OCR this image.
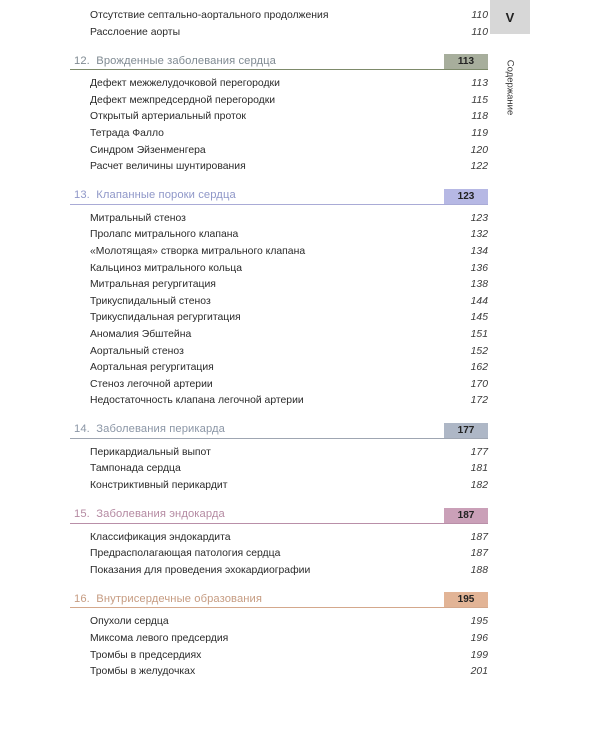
Отсутствие септально-аортального продолжения	110
Расслоение аорты	110
12. Врожденные заболевания сердца	113
Дефект межжелудочковой перегородки	113
Дефект межпредсердной перегородки	115
Открытый артериальный проток	118
Тетрада Фалло	119
Синдром Эйзенменгера	120
Расчет величины шунтирования	122
13. Клапанные пороки сердца	123
Митральный стеноз	123
Пролапс митрального клапана	132
«Молотящая» створка митрального клапана	134
Кальциноз митрального кольца	136
Митральная регургитация	138
Трикуспидальный стеноз	144
Трикуспидальная регургитация	145
Аномалия Эбштейна	151
Аортальный стеноз	152
Аортальная регургитация	162
Стеноз легочной артерии	170
Недостаточность клапана легочной артерии	172
14. Заболевания перикарда	177
Перикардиальный выпот	177
Тампонада сердца	181
Констриктивный перикардит	182
15. Заболевания эндокарда	187
Классификация эндокардита	187
Предрасполагающая патология сердца	187
Показания для проведения эхокардиографии	188
16. Внутрисердечные образования	195
Опухоли сердца	195
Миксома левого предсердия	196
Тромбы в предсердиях	199
Тромбы в желудочках	201
V
Содержание
